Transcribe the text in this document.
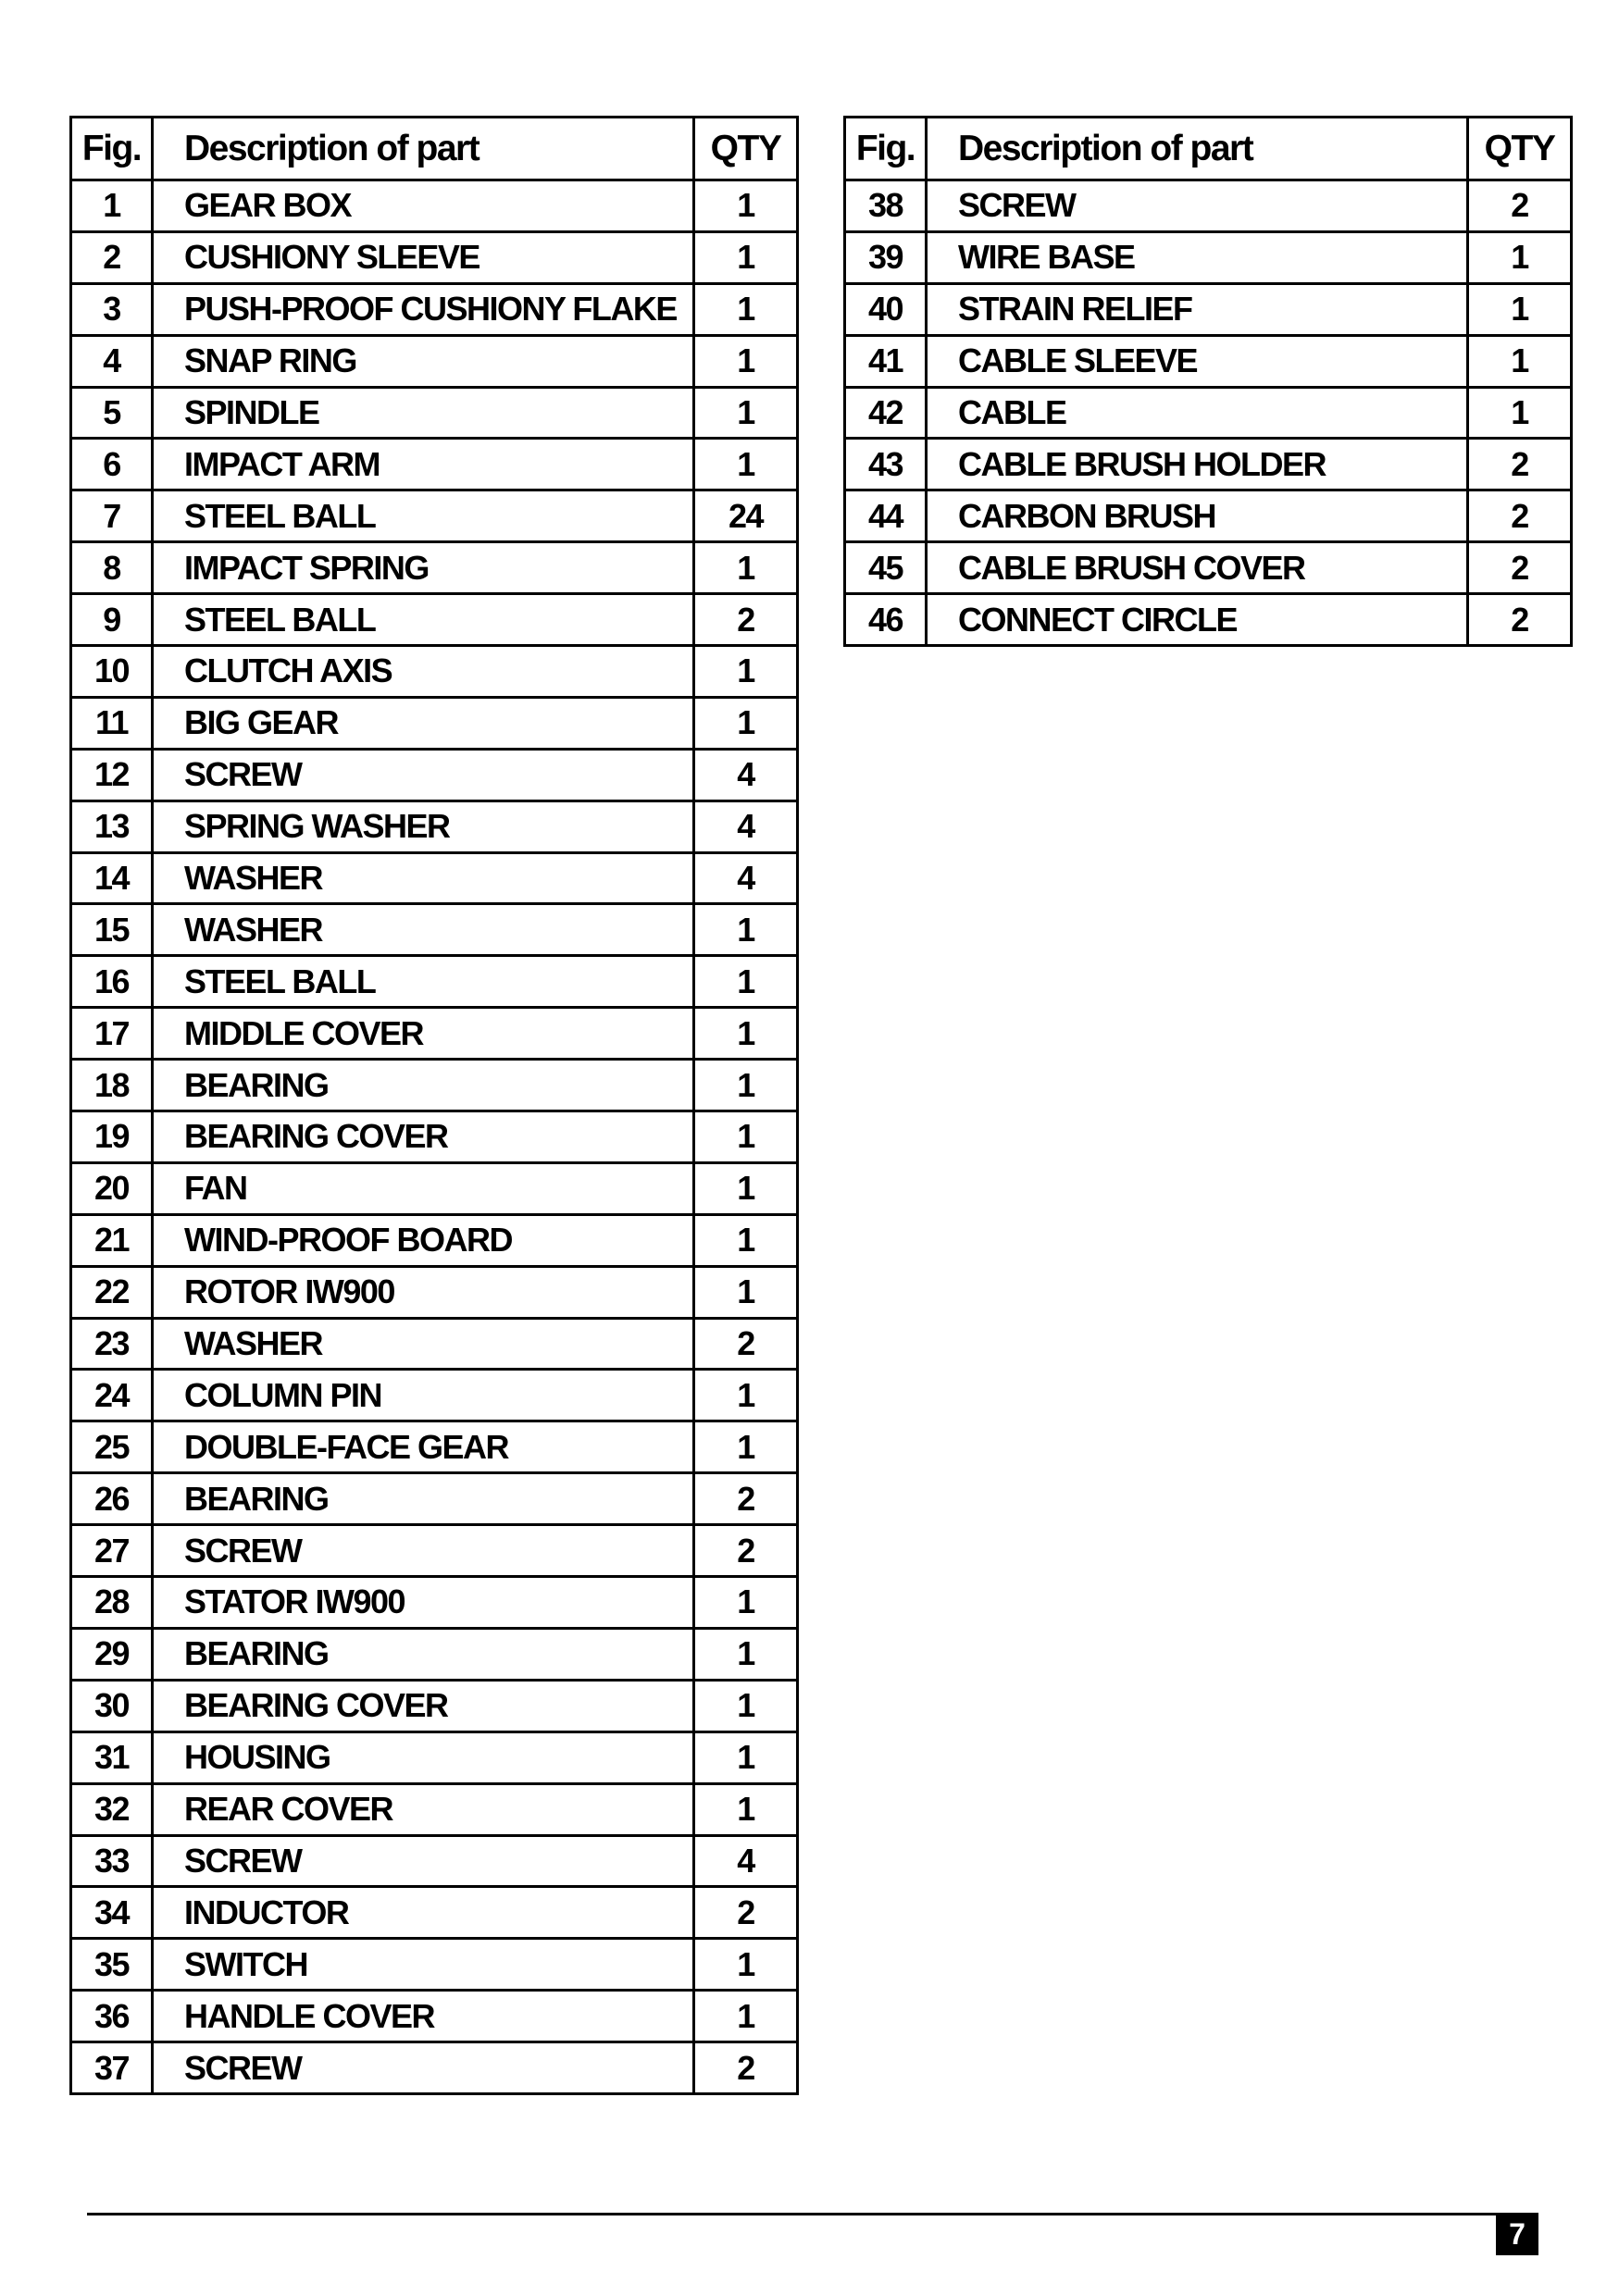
Fig.	Description of part	QTY
1	GEAR BOX	1
2	CUSHIONY SLEEVE	1
3	PUSH-PROOF CUSHIONY FLAKE	1
4	SNAP RING	1
5	SPINDLE	1
6	IMPACT ARM	1
7	STEEL BALL	24
8	IMPACT SPRING	1
9	STEEL BALL	2
10	CLUTCH AXIS	1
11	BIG GEAR	1
12	SCREW	4
13	SPRING WASHER	4
14	WASHER	4
15	WASHER	1
16	STEEL BALL	1
17	MIDDLE COVER	1
18	BEARING	1
19	BEARING COVER	1
20	FAN	1
21	WIND-PROOF BOARD	1
22	ROTOR IW900	1
23	WASHER	2
24	COLUMN PIN	1
25	DOUBLE-FACE GEAR	1
26	BEARING	2
27	SCREW	2
28	STATOR IW900	1
29	BEARING	1
30	BEARING COVER	1
31	HOUSING	1
32	REAR COVER	1
33	SCREW	4
34	INDUCTOR	2
35	SWITCH	1
36	HANDLE COVER	1
37	SCREW	2
Fig.	Description of part	QTY
38	SCREW	2
39	WIRE BASE	1
40	STRAIN RELIEF	1
41	CABLE SLEEVE	1
42	CABLE	1
43	CABLE BRUSH HOLDER	2
44	CARBON BRUSH	2
45	CABLE BRUSH COVER	2
46	CONNECT CIRCLE	2
7
